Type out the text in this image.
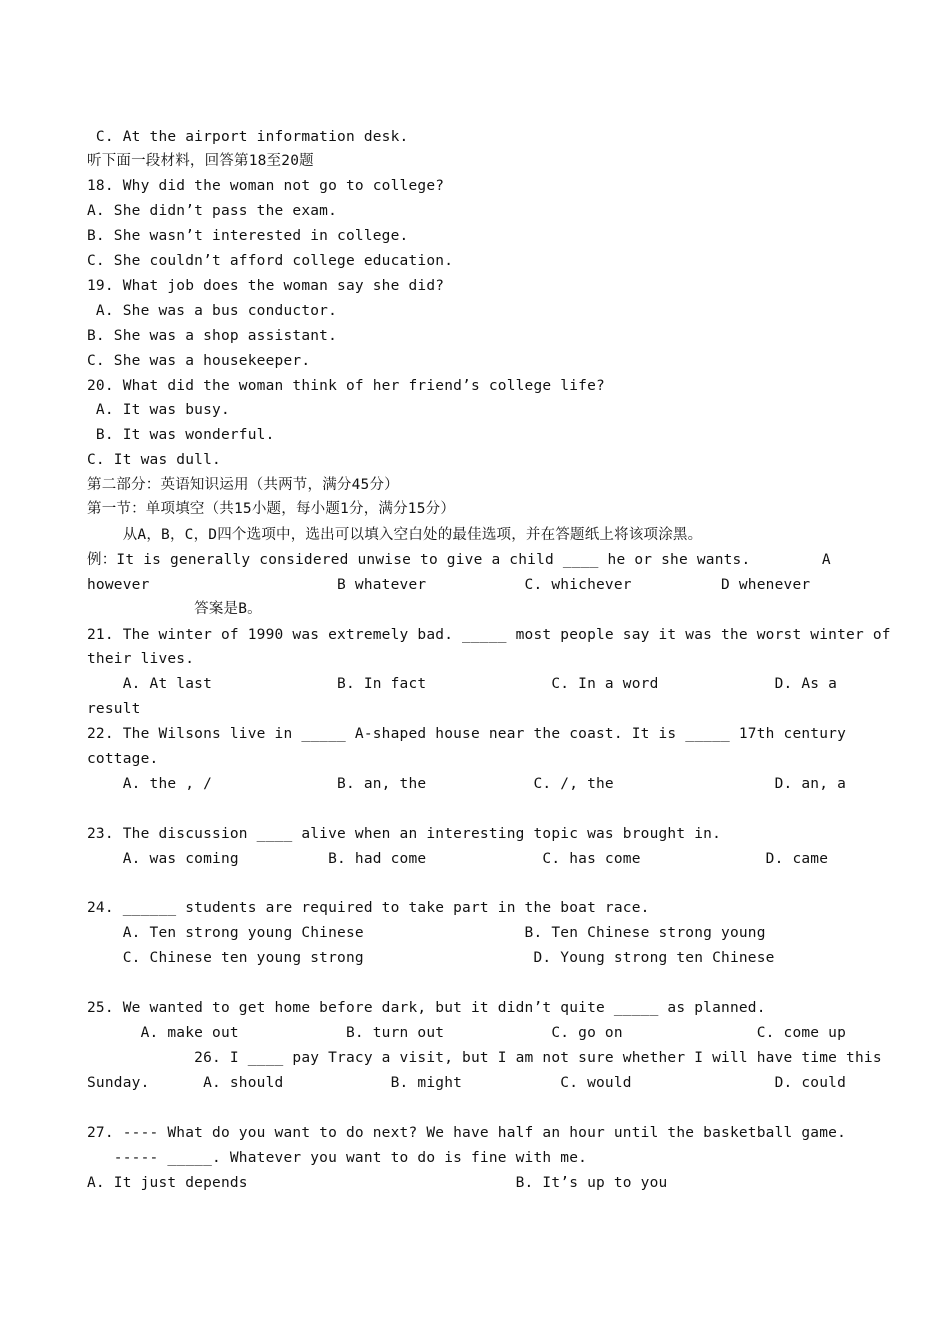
C. At the airport information desk.
听下面一段材料，回答第18至20题
18. Why did the woman not go to college?
A. She didn’t pass the exam.
B. She wasn’t interested in college.
C. She couldn’t afford college education.
19. What job does the woman say she did?
A. She was a bus conductor.
B. She was a shop assistant.
C. She was a housekeeper.
20. What did the woman think of her friend’s college life?
A. It was busy.
B. It was wonderful.
C. It was dull.
第二部分：英语知识运用（共两节，满分45分）
第一节：单项填空（共15小题，每小题1分，满分15分）
从A，B，C，D四个选项中，选出可以填入空白处的最佳选项，并在答题纸上将该项涂黑。
例：It is generally considered unwise to give a child ____ he or she wants.        A
however                     B whatever           C. whichever          D whenever
答案是B。
21. The winter of 1990 was extremely bad. _____ most people say it was the worst winter of
their lives.
A. At last              B. In fact              C. In a word             D. As a
result
22. The Wilsons live in _____ A-shaped house near the coast. It is _____ 17th century
cottage.
A. the , /              B. an, the            C. /, the                  D. an, a
23. The discussion ____ alive when an interesting topic was brought in.
A. was coming          B. had come             C. has come              D. came
24. ______ students are required to take part in the boat race.
A. Ten strong young Chinese                  B. Ten Chinese strong young
C. Chinese ten young strong                   D. Young strong ten Chinese
25. We wanted to get home before dark, but it didn’t quite _____ as planned.
A. make out            B. turn out            C. go on               C. come up
26. I ____ pay Tracy a visit, but I am not sure whether I will have time this
Sunday.      A. should            B. might           C. would                D. could
27. ---- What do you want to do next? We have half an hour until the basketball game.
----- _____. Whatever you want to do is fine with me.
A. It just depends                              B. It’s up to you
